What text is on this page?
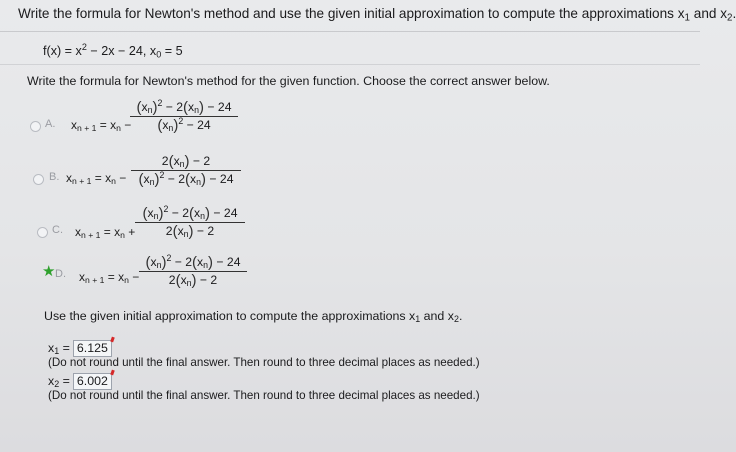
Write the formula for Newton's method and use the given initial approximation to compute the approximations $x_1$ and $x_2$.
$f(x) = x^2 - 2x - 24$, $x_0 = 5$
Write the formula for Newton's method for the given function. Choose the correct answer below.
A. $x_{n + 1} = x_n$ −
$(x_n)^2 - 2(x_n) - 24$
$(x_n)^2 - 24$
B. $x_{n + 1} = x_n$ −
$2(x_n) - 2$
$(x_n)^2 - 2(x_n) - 24$
C. $x_{n + 1} = x_n$ +
$(x_n)^2 - 2(x_n) - 24$
$2(x_n) - 2$
★ D. $x_{n + 1} = x_n$ −
$(x_n)^2 - 2(x_n) - 24$
$2(x_n) - 2$
Use the given initial approximation to compute the approximations $x_1$ and $x_2$.
$x_1 = 6.125$
(Do not round until the final answer. Then round to three decimal places as needed.)
$x_2 = 6.002$
(Do not round until the final answer. Then round to three decimal places as needed.)
